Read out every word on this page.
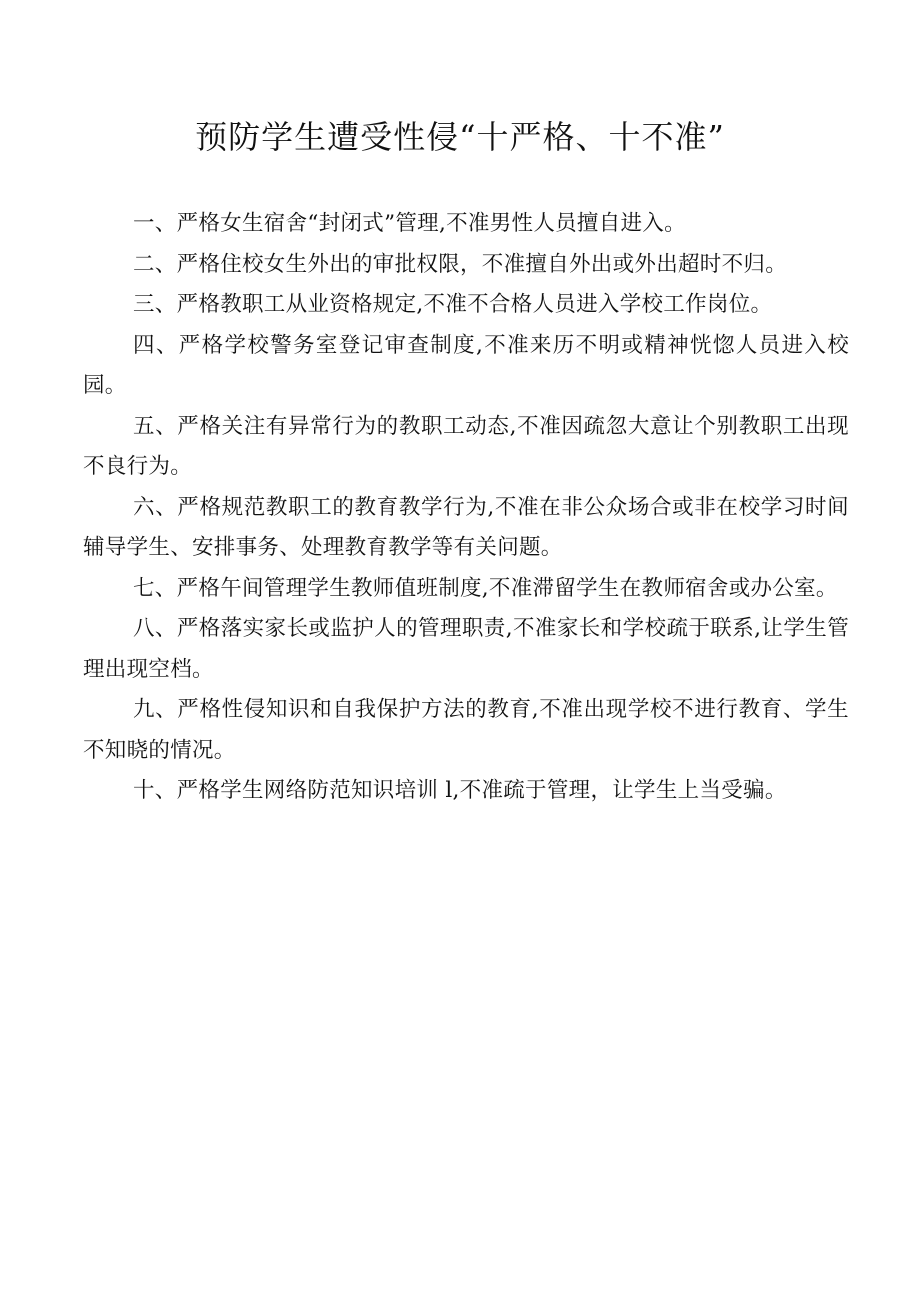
预防学生遭受性侵“十严格、十不准”

一、严格女生宿舍“封闭式”管理,不准男性人员擅自进入。

二、严格住校女生外出的审批权限，不准擅自外出或外出超时不归。

三、严格教职工从业资格规定,不准不合格人员进入学校工作岗位。

四、严格学校警务室登记审查制度,不准来历不明或精神恍惚人员进入校园。

五、严格关注有异常行为的教职工动态,不准因疏忽大意让个别教职工出现不良行为。

六、严格规范教职工的教育教学行为,不准在非公众场合或非在校学习时间辅导学生、安排事务、处理教育教学等有关问题。

七、严格午间管理学生教师值班制度,不准滞留学生在教师宿舍或办公室。

八、严格落实家长或监护人的管理职责,不准家长和学校疏于联系,让学生管理出现空档。

九、严格性侵知识和自我保护方法的教育,不准出现学校不进行教育、学生不知晓的情况。

十、严格学生网络防范知识培训 l,不准疏于管理，让学生上当受骗。
